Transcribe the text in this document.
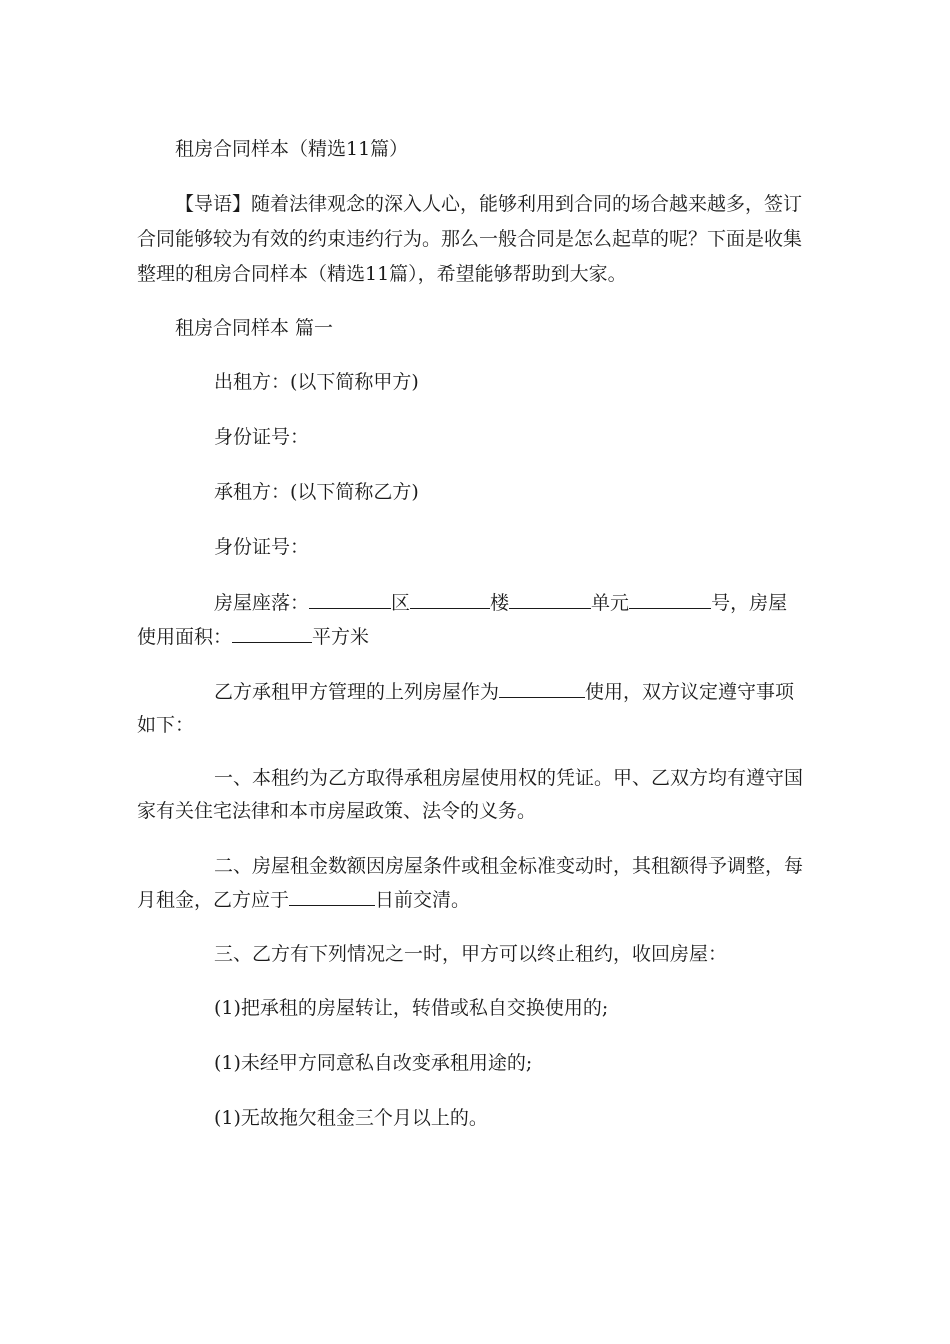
租房合同样本（精选11篇）

【导语】随着法律观念的深入人心，能够利用到合同的场合越来越多，签订

合同能够较为有效的约束违约行为。那么一般合同是怎么起草的呢？下面是收集

整理的租房合同样本（精选11篇），希望能够帮助到大家。

租房合同样本 篇一

出租方：(以下简称甲方)

身份证号：

承租方：(以下简称乙方)

身份证号：

房屋座落：	区	楼	单元	号，房屋

使用面积：	平方米

乙方承租甲方管理的上列房屋作为	使用，双方议定遵守事项

如下：

一、本租约为乙方取得承租房屋使用权的凭证。甲、乙双方均有遵守国

家有关住宅法律和本市房屋政策、法令的义务。

二、房屋租金数额因房屋条件或租金标准变动时，其租额得予调整，每

月租金，乙方应于	日前交清。

三、乙方有下列情况之一时，甲方可以终止租约，收回房屋：

(1)把承租的房屋转让，转借或私自交换使用的;

(1)未经甲方同意私自改变承租用途的;

(1)无故拖欠租金三个月以上的。
